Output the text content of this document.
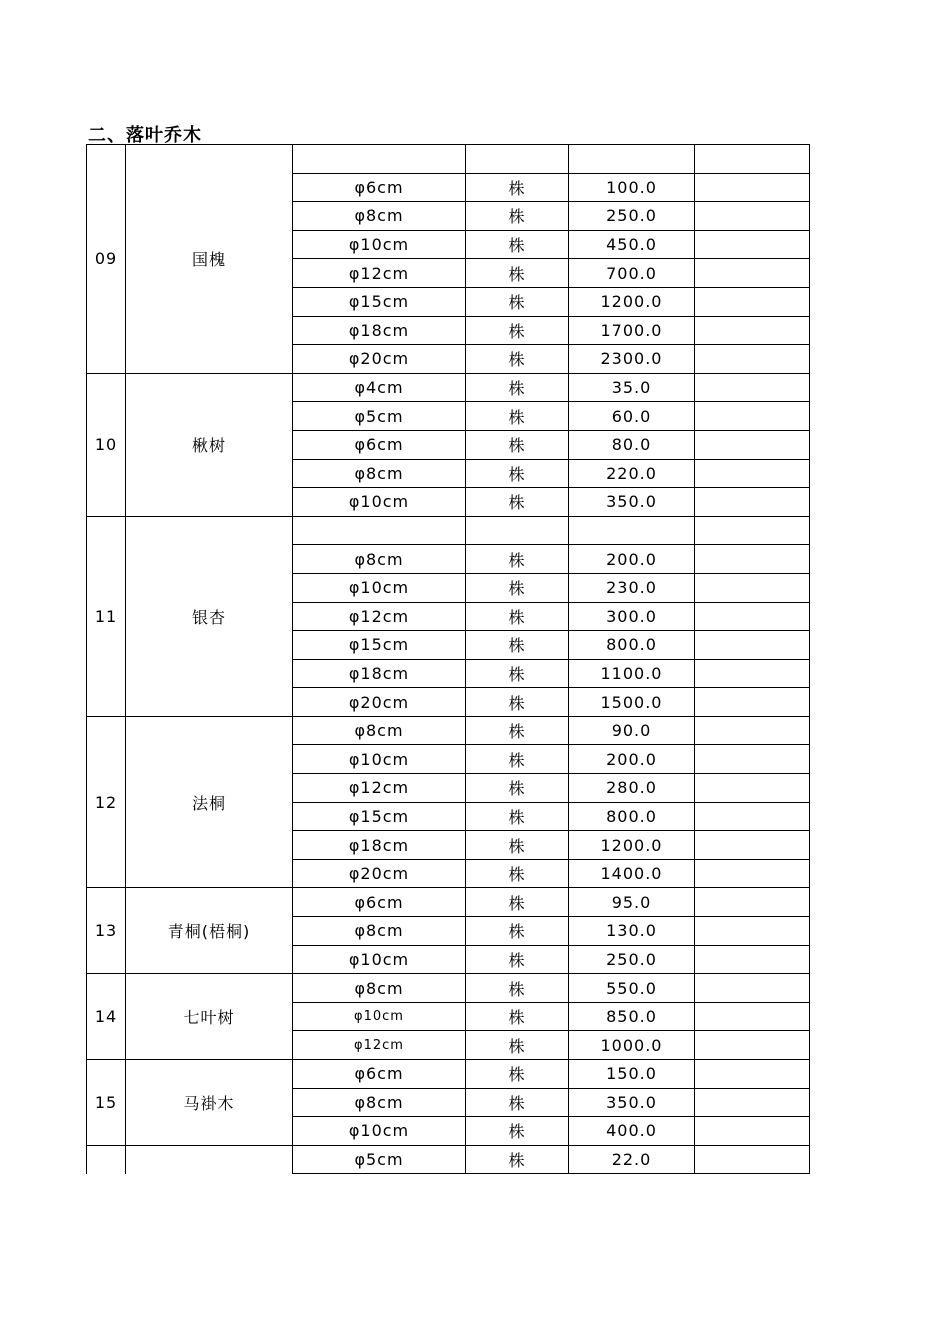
二、落叶乔木
09	国槐				
		φ6cm	株	100.0	
		φ8cm	株	250.0	
		φ10cm	株	450.0	
		φ12cm	株	700.0	
		φ15cm	株	1200.0	
		φ18cm	株	1700.0	
		φ20cm	株	2300.0	
10	楸树	φ4cm	株	35.0	
		φ5cm	株	60.0	
		φ6cm	株	80.0	
		φ8cm	株	220.0	
		φ10cm	株	350.0	
11	银杏				
		φ8cm	株	200.0	
		φ10cm	株	230.0	
		φ12cm	株	300.0	
		φ15cm	株	800.0	
		φ18cm	株	1100.0	
		φ20cm	株	1500.0	
12	法桐	φ8cm	株	90.0	
		φ10cm	株	200.0	
		φ12cm	株	280.0	
		φ15cm	株	800.0	
		φ18cm	株	1200.0	
		φ20cm	株	1400.0	
13	青桐(梧桐)	φ6cm	株	95.0	
		φ8cm	株	130.0	
		φ10cm	株	250.0	
14	七叶树	φ8cm	株	550.0	
		φ10cm	株	850.0	
		φ12cm	株	1000.0	
15	马褂木	φ6cm	株	150.0	
		φ8cm	株	350.0	
		φ10cm	株	400.0	
		φ5cm	株	22.0	
